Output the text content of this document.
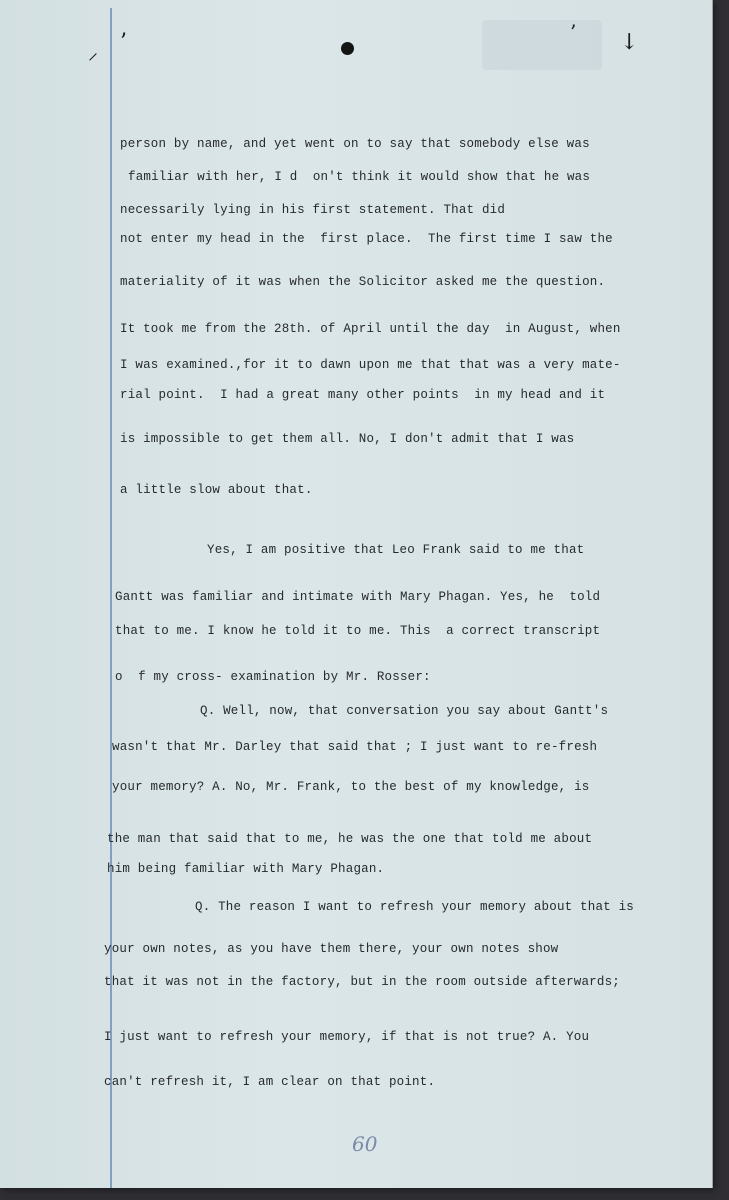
⸝ ’	’ ↓
person by name, and yet went on to say that somebody else was
familiar with her, I d  on't think it would show that he was
necessarily lying in his first statement. That did
not enter my head in the  first place.  The first time I saw the
materiality of it was when the Solicitor asked me the question.
It took me from the 28th. of April until the day  in August, when
I was examined.,for it to dawn upon me that that was a very mate-
rial point.  I had a great many other points  in my head and it
is impossible to get them all. No, I don't admit that I was
a little slow about that.
Yes, I am positive that Leo Frank said to me that
Gantt was familiar and intimate with Mary Phagan. Yes, he  told
that to me. I know he told it to me. This  a correct transcript
o  f my cross- examination by Mr. Rosser:
Q. Well, now, that conversation you say about Gantt's
wasn't that Mr. Darley that said that ; I just want to re-fresh
your memory? A. No, Mr. Frank, to the best of my knowledge, is
the man that said that to me, he was the one that told me about
him being familiar with Mary Phagan.
Q. The reason I want to refresh your memory about that is
your own notes, as you have them there, your own notes show
that it was not in the factory, but in the room outside afterwards;
I just want to refresh your memory, if that is not true? A. You
can't refresh it, I am clear on that point.
60
